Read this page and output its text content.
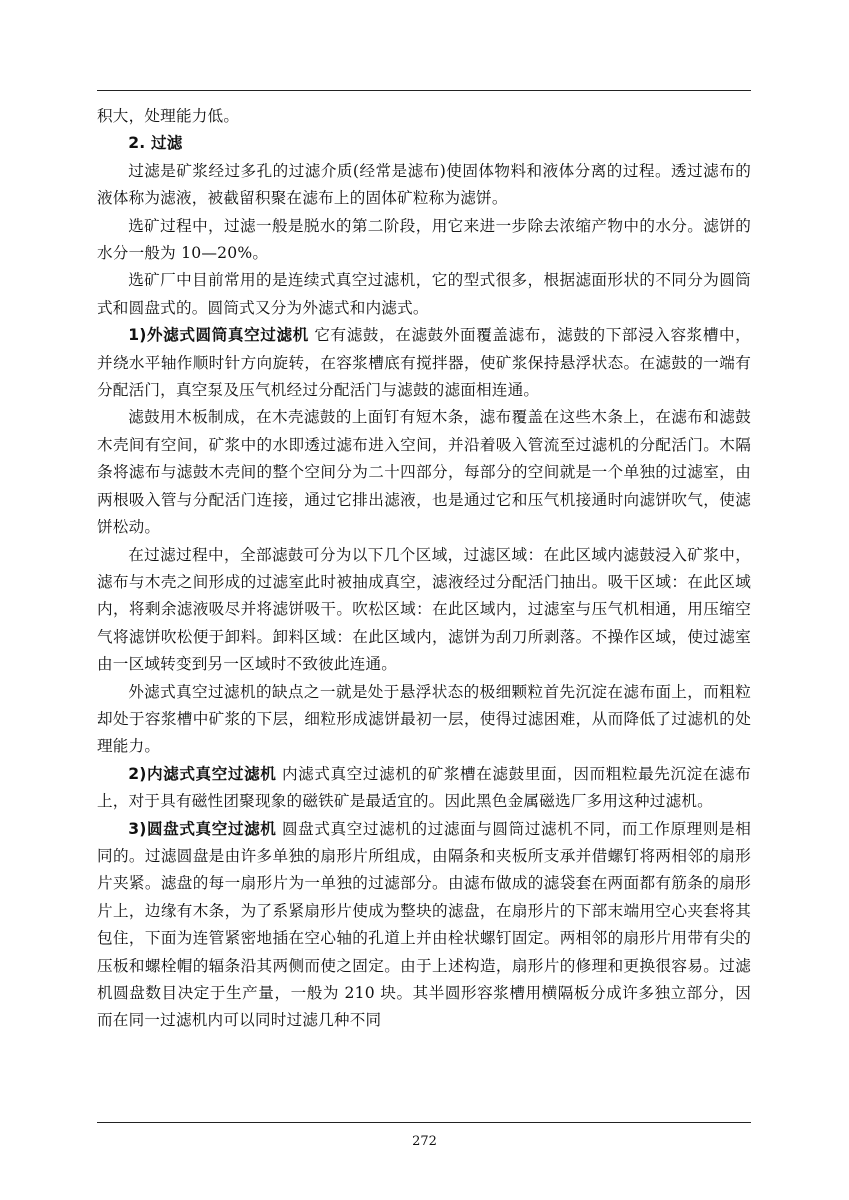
积大，处理能力低。

2. 过滤

过滤是矿浆经过多孔的过滤介质(经常是滤布)使固体物料和液体分离的过程。透过滤布的液体称为滤液，被截留积聚在滤布上的固体矿粒称为滤饼。

选矿过程中，过滤一般是脱水的第二阶段，用它来进一步除去浓缩产物中的水分。滤饼的水分一般为 10—20%。

选矿厂中目前常用的是连续式真空过滤机，它的型式很多，根据滤面形状的不同分为圆筒式和圆盘式的。圆筒式又分为外滤式和内滤式。

1)外滤式圆筒真空过滤机 它有滤鼓，在滤鼓外面覆盖滤布，滤鼓的下部浸入容浆槽中，并绕水平轴作顺时针方向旋转，在容浆槽底有搅拌器，使矿浆保持悬浮状态。在滤鼓的一端有分配活门，真空泵及压气机经过分配活门与滤鼓的滤面相连通。

滤鼓用木板制成，在木壳滤鼓的上面钉有短木条，滤布覆盖在这些木条上，在滤布和滤鼓木壳间有空间，矿浆中的水即透过滤布进入空间，并沿着吸入管流至过滤机的分配活门。木隔条将滤布与滤鼓木壳间的整个空间分为二十四部分，每部分的空间就是一个单独的过滤室，由两根吸入管与分配活门连接，通过它排出滤液，也是通过它和压气机接通时向滤饼吹气，使滤饼松动。

在过滤过程中，全部滤鼓可分为以下几个区域，过滤区域：在此区域内滤鼓浸入矿浆中，滤布与木壳之间形成的过滤室此时被抽成真空，滤液经过分配活门抽出。吸干区域：在此区域内，将剩余滤液吸尽并将滤饼吸干。吹松区域：在此区域内，过滤室与压气机相通，用压缩空气将滤饼吹松便于卸料。卸料区域：在此区域内，滤饼为刮刀所剥落。不操作区域，使过滤室由一区域转变到另一区域时不致彼此连通。

外滤式真空过滤机的缺点之一就是处于悬浮状态的极细颗粒首先沉淀在滤布面上，而粗粒却处于容浆槽中矿浆的下层，细粒形成滤饼最初一层，使得过滤困难，从而降低了过滤机的处理能力。

2)内滤式真空过滤机 内滤式真空过滤机的矿浆槽在滤鼓里面，因而粗粒最先沉淀在滤布上，对于具有磁性团聚现象的磁铁矿是最适宜的。因此黑色金属磁选厂多用这种过滤机。

3)圆盘式真空过滤机 圆盘式真空过滤机的过滤面与圆筒过滤机不同，而工作原理则是相同的。过滤圆盘是由许多单独的扇形片所组成，由隔条和夹板所支承并借螺钉将两相邻的扇形片夹紧。滤盘的每一扇形片为一单独的过滤部分。由滤布做成的滤袋套在两面都有筋条的扇形片上，边缘有木条，为了系紧扇形片使成为整块的滤盘，在扇形片的下部末端用空心夹套将其包住，下面为连管紧密地插在空心轴的孔道上并由栓状螺钉固定。两相邻的扇形片用带有尖的压板和螺栓帽的辐条沿其两侧而使之固定。由于上述构造，扇形片的修理和更换很容易。过滤机圆盘数目决定于生产量，一般为 210 块。其半圆形容浆槽用横隔板分成许多独立部分，因而在同一过滤机内可以同时过滤几种不同

272
